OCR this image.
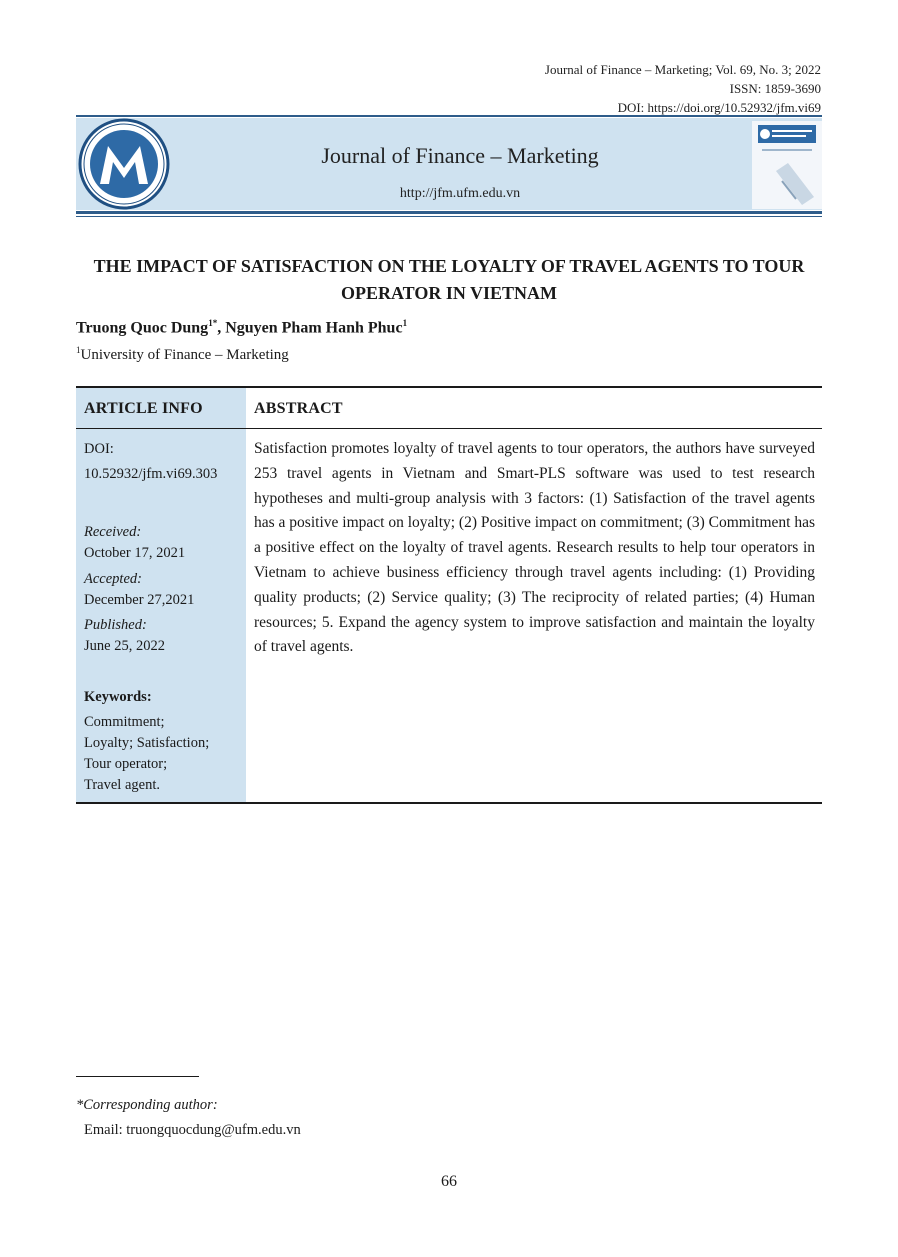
Journal of Finance – Marketing; Vol. 69, No. 3; 2022
ISSN: 1859-3690
DOI: https://doi.org/10.52932/jfm.vi69
Journal of Finance – Marketing
http://jfm.ufm.edu.vn
THE IMPACT OF SATISFACTION ON THE LOYALTY OF TRAVEL AGENTS TO TOUR OPERATOR IN VIETNAM
Truong Quoc Dung$^{1*}$, Nguyen Pham Hanh Phuc$^1$
$^1$University of Finance – Marketing
ARTICLE INFO	ABSTRACT
DOI:
10.52932/jfm.vi69.303
Received:
October 17, 2021
Accepted:
December 27,2021
Published:
June 25, 2022
Keywords:
Commitment;
Loyalty; Satisfaction;
Tour operator;
Travel agent.
Satisfaction promotes loyalty of travel agents to tour operators, the authors have surveyed 253 travel agents in Vietnam and Smart-PLS software was used to test research hypotheses and multi-group analysis with 3 factors: (1) Satisfaction of the travel agents has a positive impact on loyalty; (2) Positive impact on commitment; (3) Commitment has a positive effect on the loyalty of travel agents. Research results to help tour operators in Vietnam to achieve business efficiency through travel agents including: (1) Providing quality products; (2) Service quality; (3) The reciprocity of related parties; (4) Human resources; 5. Expand the agency system to improve satisfaction and maintain the loyalty of travel agents.
*Corresponding author:
Email: truongquocdung@ufm.edu.vn
66
